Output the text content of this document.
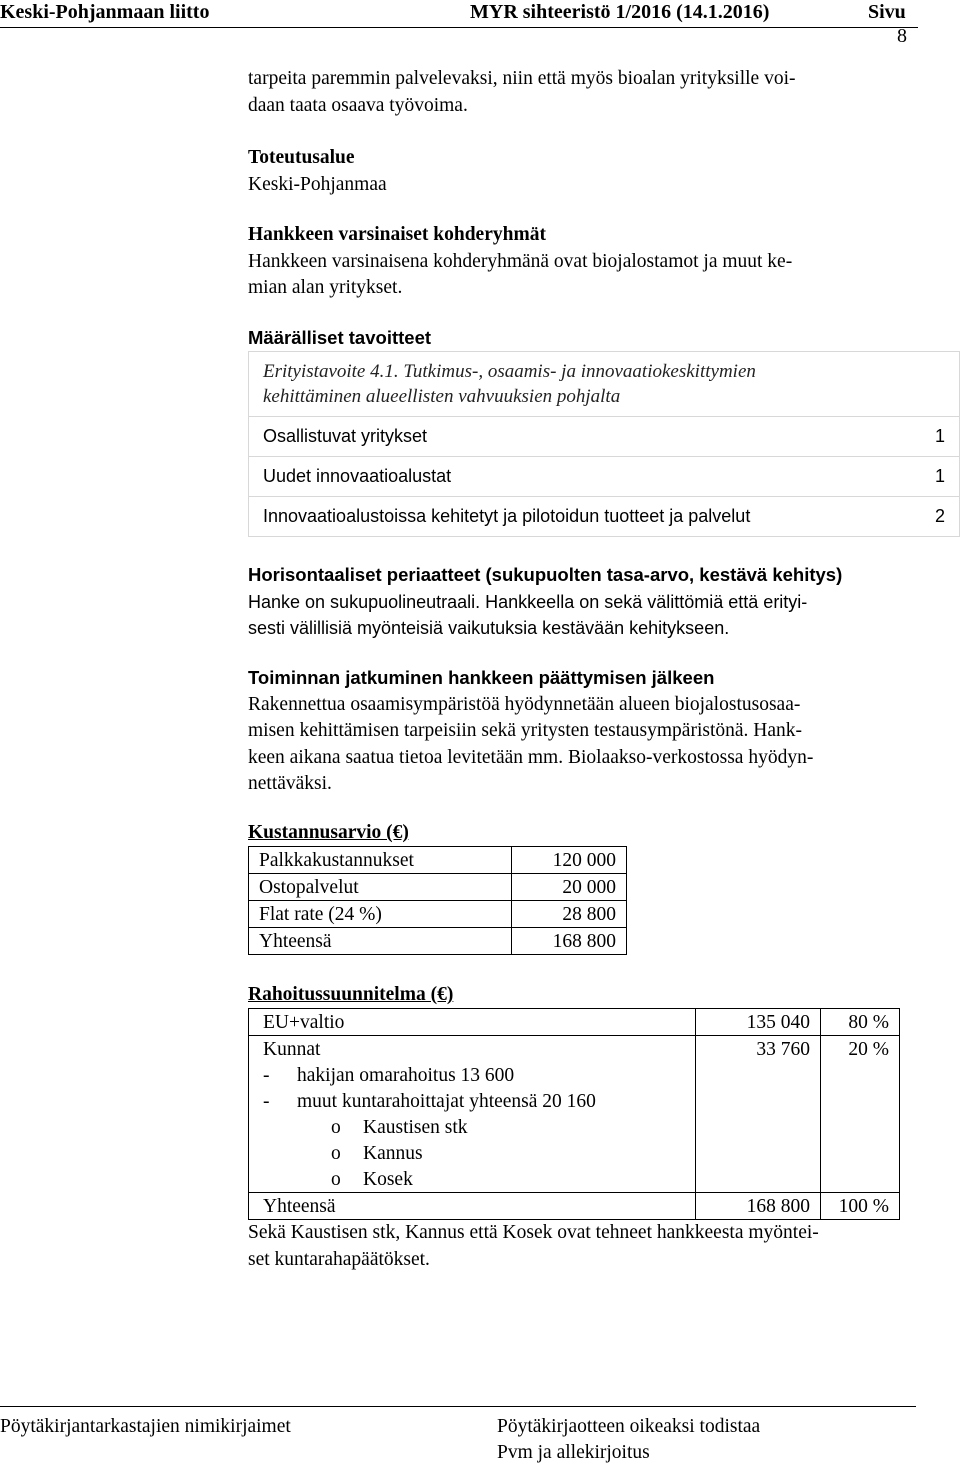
Keski-Pohjanmaan liitto	MYR sihteeristö 1/2016 (14.1.2016)	Sivu
8

tarpeita paremmin palvelevaksi, niin että myös bioalan yrityksille voi-

daan taata osaava työvoima.

Toteutusalue

Keski-Pohjanmaa

Hankkeen varsinaiset kohderyhmät

Hankkeen varsinaisena kohderyhmänä ovat biojalostamot ja muut ke-

mian alan yritykset.

Määrälliset tavoitteet

Erityistavoite 4.1. Tutkimus-, osaamis- ja innovaatiokeskittymien
kehittäminen alueellisten vahvuuksien pohjalta	

Osallistuvat yritykset	1
Uudet innovaatioalustat	1
Innovaatioalustoissa kehitetyt ja pilotoidun tuotteet ja palvelut	2

Horisontaaliset periaatteet (sukupuolten tasa-arvo, kestävä kehitys)

Hanke on sukupuolineutraali. Hankkeella on sekä välittömiä että erityi-

sesti välillisiä myönteisiä vaikutuksia kestävään kehitykseen.

Toiminnan jatkuminen hankkeen päättymisen jälkeen

Rakennettua osaamisympäristöä hyödynnetään alueen biojalostusosaa-

misen kehittämisen tarpeisiin sekä yritysten testausympäristönä. Hank-

keen aikana saatua tietoa levitetään mm. Biolaakso-verkostossa hyödyn-

nettäväksi.

Kustannusarvio (€)

Palkkakustannukset	120 000
Ostopalvelut	20 000
Flat rate (24 %)	28 800
Yhteensä	168 800

Rahoitussuunnitelma (€)

EU+valtio	135 040	80 %
Kunnat	33 760	20 %
- hakijan omarahoitus 13 600		
- muut kuntarahoittajat yhteensä 20 160		
o Kaustisen stk		
o Kannus		
o Kosek		
Yhteensä	168 800	100 %

Sekä Kaustisen stk, Kannus että Kosek ovat tehneet hankkeesta myöntei-

set kuntarahapäätökset.

Pöytäkirjantarkastajien nimikirjaimet	Pöytäkirjaotteen oikeaksi todistaa
Pvm ja allekirjoitus
